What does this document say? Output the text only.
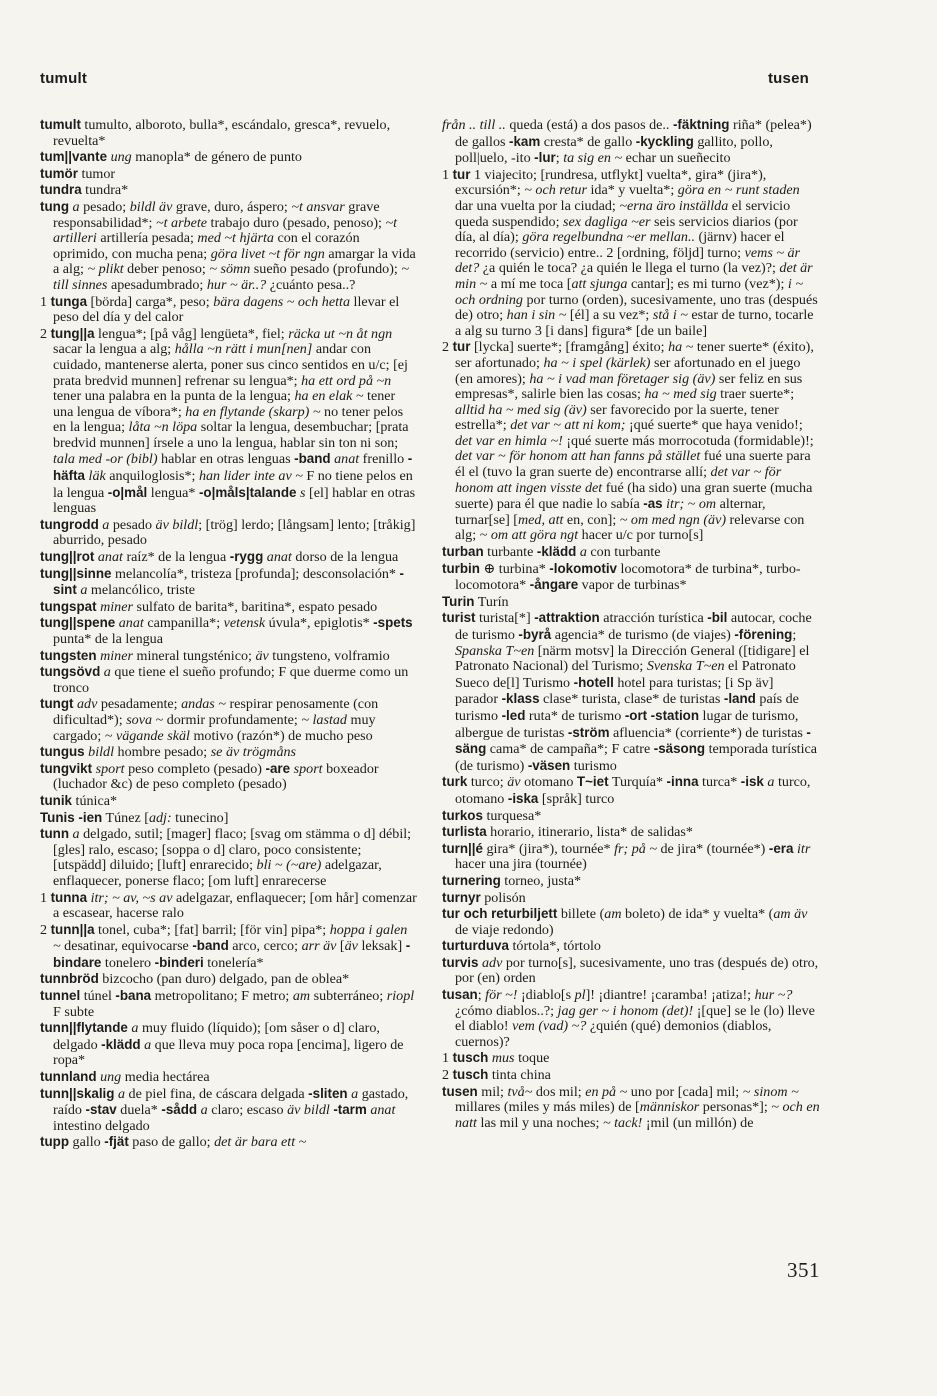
tumult	tusen

tumult tumulto, alboroto, bulla*, escándalo, gresca*, revuelo, revuelta*

tum||vante ung manopla* de género de punto

tumör tumor

tundra tundra*

tung a pesado; bildl äv grave, duro, áspero; ~t ansvar grave responsabilidad*; ~t arbete trabajo duro (pesado, penoso); ~t artilleri artillería pesada; med ~t hjärta con el corazón oprimido, con mucha pena; göra livet ~t för ngn amargar la vida a alg; ~ plikt deber penoso; ~ sömn sueño pesado (profundo); ~ till sinnes apesadumbrado; hur ~ är..? ¿cuánto pesa..?

1 tunga [börda] carga*, peso; bära dagens ~ och hetta llevar el peso del día y del calor

2 tung||a lengua*; [på våg] lengüeta*, fiel; räcka ut ~n åt ngn sacar la lengua a alg; hålla ~n rätt i mun[nen] andar con cuidado, mantenerse alerta, poner sus cinco sentidos en u/c; [ej prata bredvid munnen] refrenar su lengua*; ha ett ord på ~n tener una palabra en la punta de la lengua; ha en elak ~ tener una lengua de víbora*; ha en flytande (skarp) ~ no tener pelos en la lengua; låta ~n löpa soltar la lengua, desembuchar; [prata bredvid munnen] írsele a uno la lengua, hablar sin ton ni son; tala med -or (bibl) hablar en otras lenguas -band anat frenillo -häfta läk anquiloglosis*; han lider inte av ~ F no tiene pelos en la lengua -o|mål lengua* -o|måls|talande s [el] hablar en otras lenguas

tungrodd a pesado äv bildl; [trög] lerdo; [långsam] lento; [tråkig] aburrido, pesado

tung||rot anat raíz* de la lengua -rygg anat dorso de la lengua

tung||sinne melancolía*, tristeza [profunda]; desconsolación* -sint a melancólico, triste

tungspat miner sulfato de barita*, baritina*, espato pesado

tung||spene anat campanilla*; vetensk úvula*, epiglotis* -spets punta* de la lengua

tungsten miner mineral tungsténico; äv tungsteno, volframio

tungsövd a que tiene el sueño profundo; F que duerme como un tronco

tungt adv pesadamente; andas ~ respirar penosamente (con dificultad*); sova ~ dormir profundamente; ~ lastad muy cargado; ~ vägande skäl motivo (razón*) de mucho peso

tungus bildl hombre pesado; se äv trögmåns

tungvikt sport peso completo (pesado) -are sport boxeador (luchador &c) de peso completo (pesado)

tunik túnica*

Tunis -ien Túnez [adj: tunecino]

tunn a delgado, sutil; [mager] flaco; [svag om stämma o d] débil; [gles] ralo, escaso; [soppa o d] claro, poco consistente; [utspädd] diluido; [luft] enrarecido; bli ~ (~are) adelgazar, enflaquecer, ponerse flaco; [om luft] enrarecerse

1 tunna itr; ~ av, ~s av adelgazar, enflaquecer; [om hår] comenzar a escasear, hacerse ralo

2 tunn||a tonel, cuba*; [fat] barril; [för vin] pipa*; hoppa i galen ~ desatinar, equivocarse -band arco, cerco; arr äv [äv leksak] -bindare tonelero -binderi tonelería*

tunnbröd bizcocho (pan duro) delgado, pan de oblea*

tunnel túnel -bana metropolitano; F metro; am subterráneo; riopl F subte

tunn||flytande a muy fluido (líquido); [om såser o d] claro, delgado -klädd a que lleva muy poca ropa [encima], ligero de ropa*

tunnland ung media hectárea

tunn||skalig a de piel fina, de cáscara delgada -sliten a gastado, raído -stav duela* -sådd a claro; escaso äv bildl -tarm anat intestino delgado

tupp gallo -fjät paso de gallo; det är bara ett ~

från .. till .. queda (está) a dos pasos de.. -fäktning riña* (pelea*) de gallos -kam cresta* de gallo -kyckling gallito, pollo, poll|uelo, -ito -lur; ta sig en ~ echar un sueñecito

1 tur 1 viajecito; [rundresa, utflykt] vuelta*, gira* (jira*), excursión*; ~ och retur ida* y vuelta*; göra en ~ runt staden dar una vuelta por la ciudad; ~erna äro inställda el servicio queda suspendido; sex dagliga ~er seis servicios diarios (por día, al día); göra regelbundna ~er mellan.. (järnv) hacer el recorrido (servicio) entre.. 2 [ordning, följd] turno; vems ~ är det? ¿a quién le toca? ¿a quién le llega el turno (la vez)?; det är min ~ a mí me toca [att sjunga cantar]; es mi turno (vez*); i ~ och ordning por turno (orden), sucesivamente, uno tras (después de) otro; han i sin ~ [él] a su vez*; stå i ~ estar de turno, tocarle a alg su turno 3 [i dans] figura* [de un baile]

2 tur [lycka] suerte*; [framgång] éxito; ha ~ tener suerte* (éxito), ser afortunado; ha ~ i spel (kärlek) ser afortunado en el juego (en amores); ha ~ i vad man företager sig (äv) ser feliz en sus empresas*, salirle bien las cosas; ha ~ med sig traer suerte*; alltid ha ~ med sig (äv) ser favorecido por la suerte, tener estrella*; det var ~ att ni kom; ¡qué suerte* que haya venido!; det var en himla ~! ¡qué suerte más morrocotuda (formidable)!; det var ~ för honom att han fanns på stället fué una suerte para él el (tuvo la gran suerte de) encontrarse allí; det var ~ för honom att ingen visste det fué (ha sido) una gran suerte (mucha suerte) para él que nadie lo sabía -as itr; ~ om alternar, turnar[se] [med, att en, con]; ~ om med ngn (äv) relevarse con alg; ~ om att göra ngt hacer u/c por turno[s]

turban turbante -klädd a con turbante

turbin ⊕ turbina* -lokomotiv locomotora* de turbina*, turbo-locomotora* -ångare vapor de turbinas*

Turin Turín

turist turista[*] -attraktion atracción turística -bil autocar, coche de turismo -byrå agencia* de turismo (de viajes) -förening; Spanska T~en [närm motsv] la Dirección General ([tidigare] el Patronato Nacional) del Turismo; Svenska T~en el Patronato Sueco de[l] Turismo -hotell hotel para turistas; [i Sp äv] parador -klass clase* turista, clase* de turistas -land país de turismo -led ruta* de turismo -ort -station lugar de turismo, albergue de turistas -ström afluencia* (corriente*) de turistas -säng cama* de campaña*; F catre -säsong temporada turística (de turismo) -väsen turismo

turk turco; äv otomano T~iet Turquía* -inna turca* -isk a turco, otomano -iska [språk] turco

turkos turquesa*

turlista horario, itinerario, lista* de salidas*

turn||é gira* (jira*), tournée* fr; på ~ de jira* (tournée*) -era itr hacer una jira (tournée)

turnering torneo, justa*

turnyr polisón

tur och returbiljett billete (am boleto) de ida* y vuelta* (am äv de viaje redondo)

turturduva tórtola*, tórtolo

turvis adv por turno[s], sucesivamente, uno tras (después de) otro, por (en) orden

tusan; för ~! ¡diablo[s pl]! ¡diantre! ¡caramba! ¡atiza!; hur ~? ¿cómo diablos..?; jag ger ~ i honom (det)! ¡[que] se le (lo) lleve el diablo! vem (vad) ~? ¿quién (qué) demonios (diablos, cuernos)?

1 tusch mus toque

2 tusch tinta china

tusen mil; två~ dos mil; en på ~ uno por [cada] mil; ~ sinom ~ millares (miles y más miles) de [människor personas*]; ~ och en natt las mil y una noches; ~ tack! ¡mil (un millón) de

351
